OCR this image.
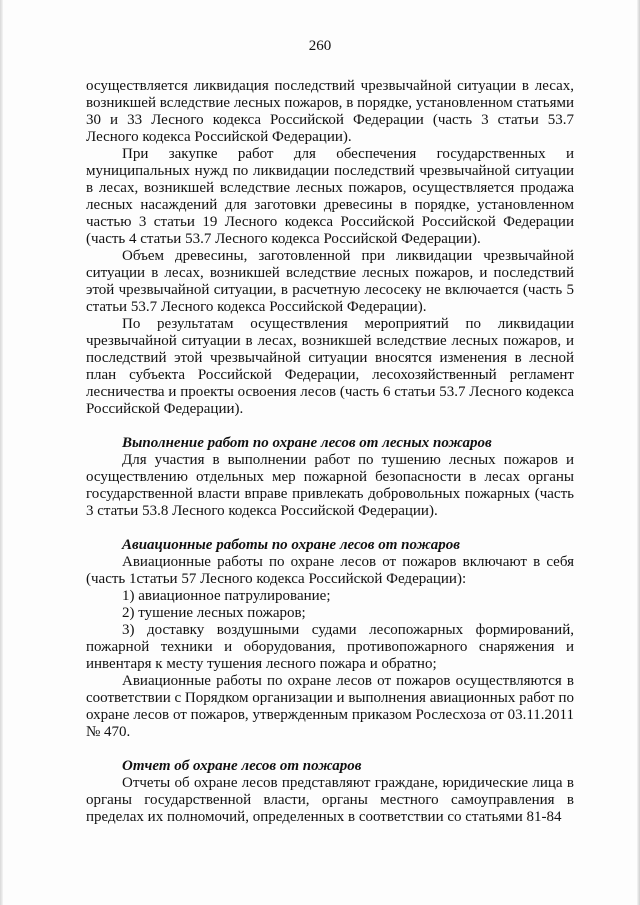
260

осуществляется ликвидация последствий чрезвычайной ситуации в лесах, возникшей вследствие лесных пожаров, в порядке, установленном статьями 30 и 33 Лесного кодекса Российской Федерации (часть 3 статьи 53.7 Лесного кодекса Российской Федерации).

При закупке работ для обеспечения государственных и муниципальных нужд по ликвидации последствий чрезвычайной ситуации в лесах, возникшей вследствие лесных пожаров, осуществляется продажа лесных насаждений для заготовки древесины в порядке, установленном частью 3 статьи 19 Лесного кодекса Российской Российской Федерации (часть 4 статьи 53.7 Лесного кодекса Российской Федерации).

Объем древесины, заготовленной при ликвидации чрезвычайной ситуации в лесах, возникшей вследствие лесных пожаров, и последствий этой чрезвычайной ситуации, в расчетную лесосеку не включается (часть 5 статьи 53.7 Лесного кодекса Российской Федерации).

По результатам осуществления мероприятий по ликвидации чрезвычайной ситуации в лесах, возникшей вследствие лесных пожаров, и последствий этой чрезвычайной ситуации вносятся изменения в лесной план субъекта Российской Федерации, лесохозяйственный регламент лесничества и проекты освоения лесов (часть 6 статьи 53.7 Лесного кодекса Российской Федерации).

Выполнение работ по охране лесов от лесных пожаров

Для участия в выполнении работ по тушению лесных пожаров и осуществлению отдельных мер пожарной безопасности в лесах органы государственной власти вправе привлекать добровольных пожарных (часть 3 статьи 53.8 Лесного кодекса Российской Федерации).

Авиационные работы по охране лесов от пожаров

Авиационные работы по охране лесов от пожаров включают в себя (часть 1статьи 57 Лесного кодекса Российской Федерации):

1) авиационное патрулирование;

2) тушение лесных пожаров;

3) доставку воздушными судами лесопожарных формирований, пожарной техники и оборудования, противопожарного снаряжения и инвентаря к месту тушения лесного пожара и обратно;

Авиационные работы по охране лесов от пожаров осуществляются в соответствии с Порядком организации и выполнения авиационных работ по охране лесов от пожаров, утвержденным приказом Рослесхоза от 03.11.2011 № 470.

Отчет об охране лесов от пожаров

Отчеты об охране лесов представляют граждане, юридические лица в органы государственной власти, органы местного самоуправления в пределах их полномочий, определенных в соответствии со статьями 81-84
